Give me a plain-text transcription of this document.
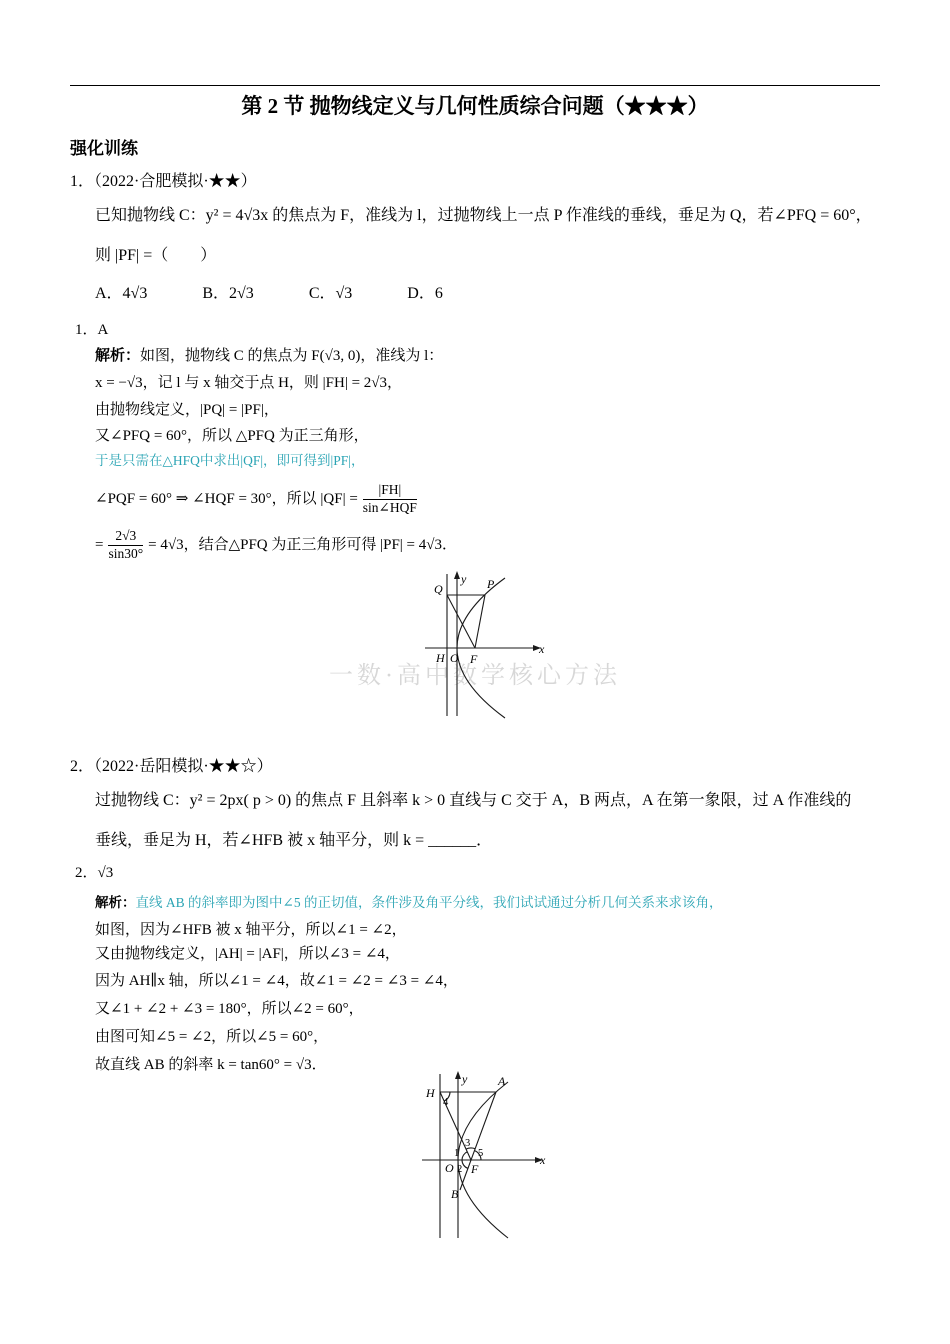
第 2 节 抛物线定义与几何性质综合问题（★★★）
强化训练
1．（2022·合肥模拟·★★）
已知抛物线 C：y² = 4√3x 的焦点为 F，准线为 l，过抛物线上一点 P 作准线的垂线，垂足为 Q，若∠PFQ = 60°，
则 |PF| =（　　）
A．4√3	B．2√3	C．√3	D．6
1．A
解析：如图，抛物线 C 的焦点为 F(√3, 0)，准线为 l：
x = −√3，记 l 与 x 轴交于点 H，则 |FH| = 2√3，
由抛物线定义，|PQ| = |PF|，
又∠PFQ = 60°，所以 △PFQ 为正三角形，
于是只需在△HFQ中求出|QF|，即可得到|PF|，
∠PQF = 60° ⇒ ∠HQF = 30°，所以 $|QF| = \frac{|FH|}{\text{sin∠HQF}}$
= $\frac{2√3}{\sin 30^\circ} = 4√3$，结合△PFQ 为正三角形可得 |PF| = 4√3．
一数·高中数学核心方法
y
x
Q	P
H O F
2．（2022·岳阳模拟·★★☆）
过抛物线 C：y² = 2px( p > 0) 的焦点 F 且斜率 k > 0 直线与 C 交于 A，B 两点，A 在第一象限，过 A 作准线的
垂线，垂足为 H，若∠HFB 被 x 轴平分，则 k = ______．
2．√3
解析：直线 AB 的斜率即为图中∠5 的正切值，条件涉及角平分线，我们试试通过分析几何关系来求该角，
如图，因为∠HFB 被 x 轴平分，所以∠1 = ∠2，
又由抛物线定义，|AH| = |AF|，所以∠3 = ∠4，
因为 AH∥x 轴，所以∠1 = ∠4，故∠1 = ∠2 = ∠3 = ∠4，
又∠1 + ∠2 + ∠3 = 180°，所以∠2 = 60°，
由图可知∠5 = ∠2，所以∠5 = 60°，
故直线 AB 的斜率 k = tan60° = √3．
y
x
H
A
O F
B
4
3
5
1
2
